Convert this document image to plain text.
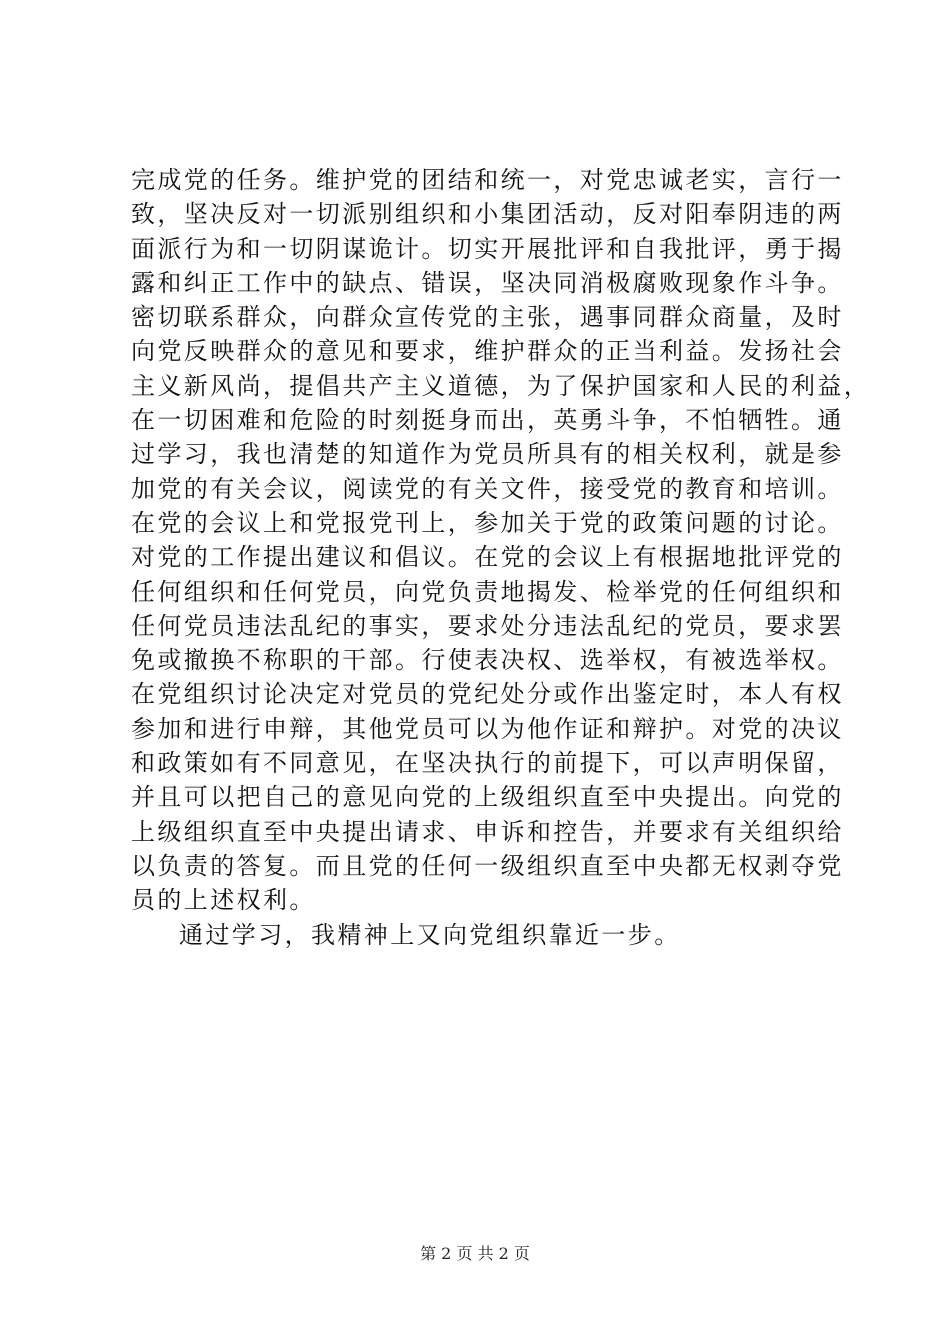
完成党的任务。维护党的团结和统一，对党忠诚老实，言行一
致，坚决反对一切派别组织和小集团活动，反对阳奉阴违的两
面派行为和一切阴谋诡计。切实开展批评和自我批评，勇于揭
露和纠正工作中的缺点、错误，坚决同消极腐败现象作斗争。
密切联系群众，向群众宣传党的主张，遇事同群众商量，及时
向党反映群众的意见和要求，维护群众的正当利益。发扬社会
主义新风尚，提倡共产主义道德，为了保护国家和人民的利益，
在一切困难和危险的时刻挺身而出，英勇斗争，不怕牺牲。通
过学习，我也清楚的知道作为党员所具有的相关权利，就是参
加党的有关会议，阅读党的有关文件，接受党的教育和培训。
在党的会议上和党报党刊上，参加关于党的政策问题的讨论。
对党的工作提出建议和倡议。在党的会议上有根据地批评党的
任何组织和任何党员，向党负责地揭发、检举党的任何组织和
任何党员违法乱纪的事实，要求处分违法乱纪的党员，要求罢
免或撤换不称职的干部。行使表决权、选举权，有被选举权。
在党组织讨论决定对党员的党纪处分或作出鉴定时，本人有权
参加和进行申辩，其他党员可以为他作证和辩护。对党的决议
和政策如有不同意见，在坚决执行的前提下，可以声明保留，
并且可以把自己的意见向党的上级组织直至中央提出。向党的
上级组织直至中央提出请求、申诉和控告，并要求有关组织给
以负责的答复。而且党的任何一级组织直至中央都无权剥夺党
员的上述权利。
通过学习，我精神上又向党组织靠近一步。
第 2 页 共 2 页
